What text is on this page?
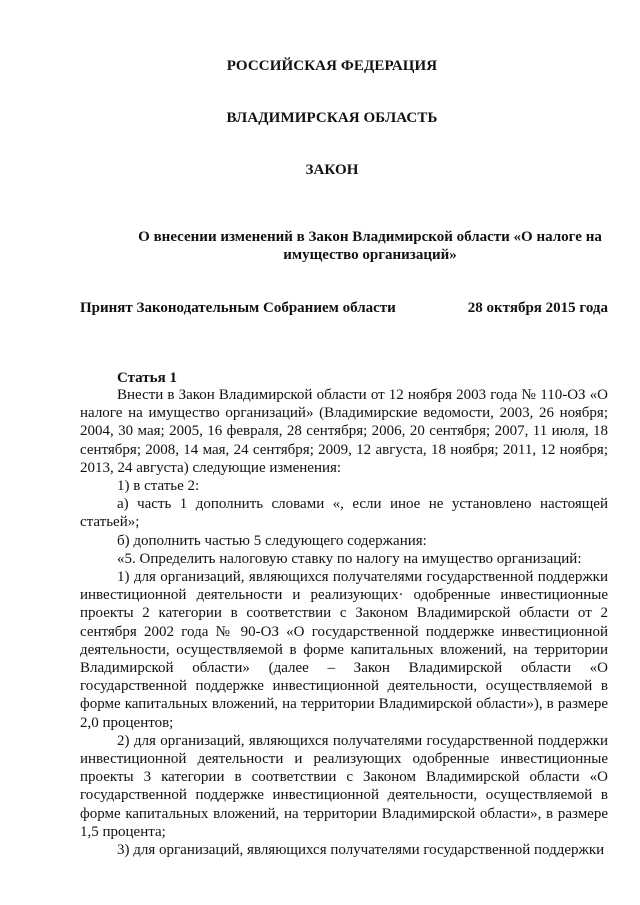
РОССИЙСКАЯ ФЕДЕРАЦИЯ
ВЛАДИМИРСКАЯ ОБЛАСТЬ
ЗАКОН
О внесении изменений в Закон Владимирской области «О налоге на
имущество организаций»
Принят Законодательным Собранием области	28 октября 2015 года
Статья 1

Внести в Закон Владимирской области от 12 ноября 2003 года № 110-ОЗ «О налоге на имущество организаций» (Владимирские ведомости, 2003, 26 ноября; 2004, 30 мая; 2005, 16 февраля, 28 сентября; 2006, 20 сентября; 2007, 11 июля, 18 сентября; 2008, 14 мая, 24 сентября; 2009, 12 августа, 18 ноября; 2011, 12 ноября; 2013, 24 августа) следующие изменения:

1) в статье 2:

а) часть 1 дополнить словами «, если иное не установлено настоящей статьей»;

б) дополнить частью 5 следующего содержания:

«5. Определить налоговую ставку по налогу на имущество организаций:

1) для организаций, являющихся получателями государственной поддержки инвестиционной деятельности и реализующих· одобренные инвестиционные проекты 2 категории в соответствии с Законом Владимирской области от 2 сентября 2002 года № 90-ОЗ «О государственной поддержке инвестиционной деятельности, осуществляемой в форме капитальных вложений, на территории Владимирской области» (далее – Закон Владимирской области «О государственной поддержке инвестиционной деятельности, осуществляемой в форме капитальных вложений, на территории Владимирской области»), в размере 2,0 процентов;

2) для организаций, являющихся получателями государственной поддержки инвестиционной деятельности и реализующих одобренные инвестиционные проекты 3 категории в соответствии с Законом Владимирской области «О государственной поддержке инвестиционной деятельности, осуществляемой в форме капитальных вложений, на территории Владимирской области», в размере 1,5 процента;

3) для организаций, являющихся получателями государственной поддержки
